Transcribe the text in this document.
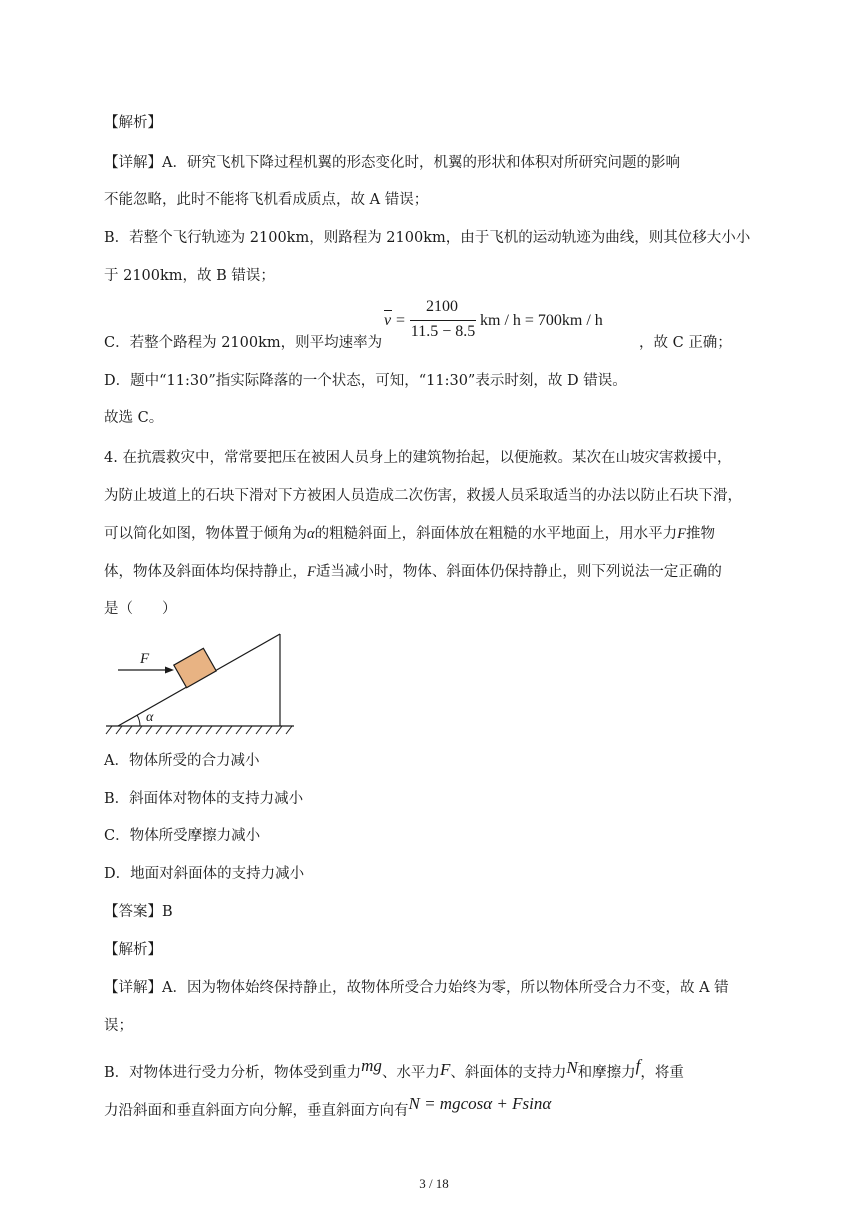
【解析】
【详解】A．研究飞机下降过程机翼的形态变化时，机翼的形状和体积对所研究问题的影响
不能忽略，此时不能将飞机看成质点，故 A 错误；
B．若整个飞行轨迹为 2100km，则路程为 2100km，由于飞机的运动轨迹为曲线，则其位移大小小
于 2100km，故 B 错误；
C．若整个路程为 2100km，则平均速率为
v =
2100
11.5 − 8.5
km / h = 700km / h
，故 C 正确；
D．题中“11:30”指实际降落的一个状态，可知，“11:30”表示时刻，故 D 错误。
故选 C。
4. 在抗震救灾中，常常要把压在被困人员身上的建筑物抬起，以便施救。某次在山坡灾害救援中，
为防止坡道上的石块下滑对下方被困人员造成二次伤害，救援人员采取适当的办法以防止石块下滑，
可以简化如图，物体置于倾角为α的粗糙斜面上，斜面体放在粗糙的水平地面上，用水平力F推物
体，物体及斜面体均保持静止，F适当减小时，物体、斜面体仍保持静止，则下列说法一定正确的
是（　　）
α
F
A．物体所受的合力减小
B．斜面体对物体的支持力减小
C．物体所受摩擦力减小
D．地面对斜面体的支持力减小
【答案】B
【解析】
【详解】A．因为物体始终保持静止，故物体所受合力始终为零，所以物体所受合力不变，故 A 错
误；
B．对物体进行受力分析，物体受到重力mg、水平力F、斜面体的支持力N和摩擦力f，将重
力沿斜面和垂直斜面方向分解，垂直斜面方向有N = mgcosα + Fsinα
3 / 18
